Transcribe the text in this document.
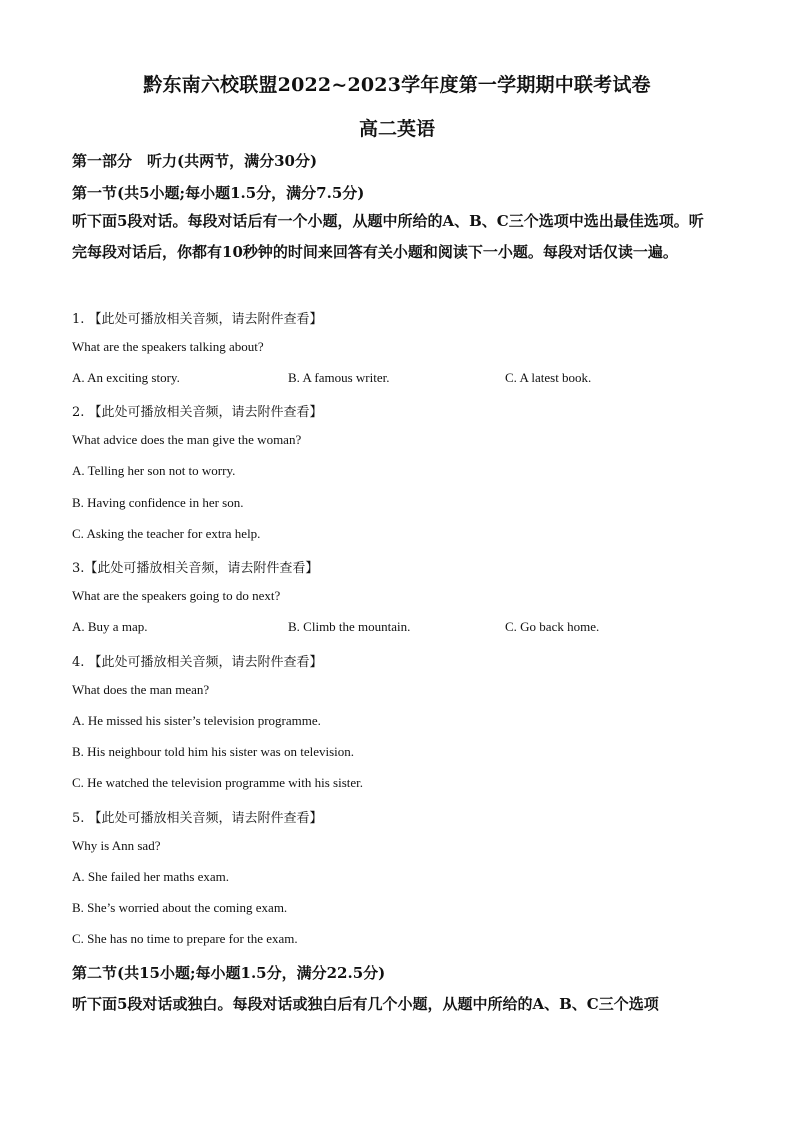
黔东南六校联盟2022~2023学年度第一学期期中联考试卷
高二英语
第一部分　听力(共两节，满分30分)
第一节(共5小题;每小题1.5分，满分7.5分)
听下面5段对话。每段对话后有一个小题，从题中所给的A、B、C三个选项中选出最佳选项。听完每段对话后，你都有10秒钟的时间来回答有关小题和阅读下一小题。每段对话仅读一遍。
1. 【此处可播放相关音频，请去附件查看】
What are the speakers talking about?
A. An exciting story.	B. A famous writer.	C. A latest book.
2. 【此处可播放相关音频，请去附件查看】
What advice does the man give the woman?
A. Telling her son not to worry.
B. Having confidence in her son.
C. Asking the teacher for extra help.
3.【此处可播放相关音频，请去附件查看】
What are the speakers going to do next?
A. Buy a map.	B. Climb the mountain.	C. Go back home.
4. 【此处可播放相关音频，请去附件查看】
What does the man mean?
A. He missed his sister’s television programme.
B. His neighbour told him his sister was on television.
C. He watched the television programme with his sister.
5. 【此处可播放相关音频，请去附件查看】
Why is Ann sad?
A. She failed her maths exam.
B. She’s worried about the coming exam.
C. She has no time to prepare for the exam.
第二节(共15小题;每小题1.5分，满分22.5分)
听下面5段对话或独白。每段对话或独白后有几个小题，从题中所给的A、B、C三个选项
